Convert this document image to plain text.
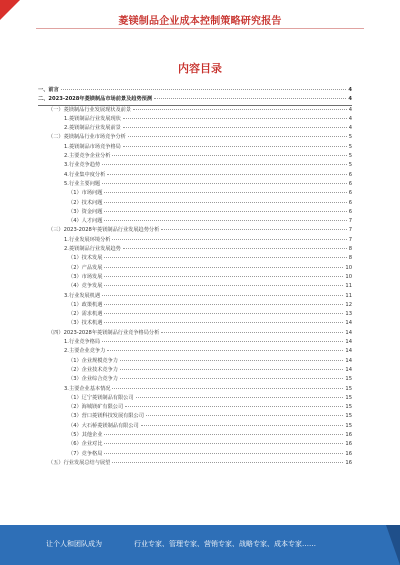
菱镁制品企业成本控制策略研究报告
内容目录
一、前言	4
二、2023-2028年菱镁制品市场前景及趋势预测	4
（一）菱镁制品行业发展现状及前景	4
1.菱镁制品行业发展现状	4
2.菱镁制品行业发展前景	4
（二）菱镁制品行业市场竞争分析	5
1.菱镁制品市场竞争格局	5
2.主要竞争企业分析	5
3.行业竞争趋势	5
4.行业集中度分析	6
5.行业主要问题	6
（1）市场问题	6
（2）技术问题	6
（3）资金问题	6
（4）人才问题	7
（三）2023-2028年菱镁制品行业发展趋势分析	7
1.行业发展环境分析	7
2.菱镁制品行业发展趋势	8
（1）技术发展	8
（2）产品发展	10
（3）市场发展	10
（4）竞争发展	11
3.行业发展机遇	11
（1）政策机遇	12
（2）需求机遇	13
（3）技术机遇	14
（四）2023-2028年菱镁制品行业竞争格局分析	14
1.行业竞争格局	14
2.主要企业竞争力	14
（1）企业规模竞争力	14
（2）企业技术竞争力	14
（3）企业综合竞争力	15
3.主要企业基本情况	15
（1）辽宁菱镁制品有限公司	15
（2）海城镁矿有限公司	15
（3）营口菱镁科技发展有限公司	15
（4）大石桥菱镁制品有限公司	15
（5）其他企业	16
（6）企业对比	16
（7）竞争格局	16
（五）行业发展总结与展望	16
让个人和团队成为	行业专家、管理专家、营销专家、战略专家、成本专家……
